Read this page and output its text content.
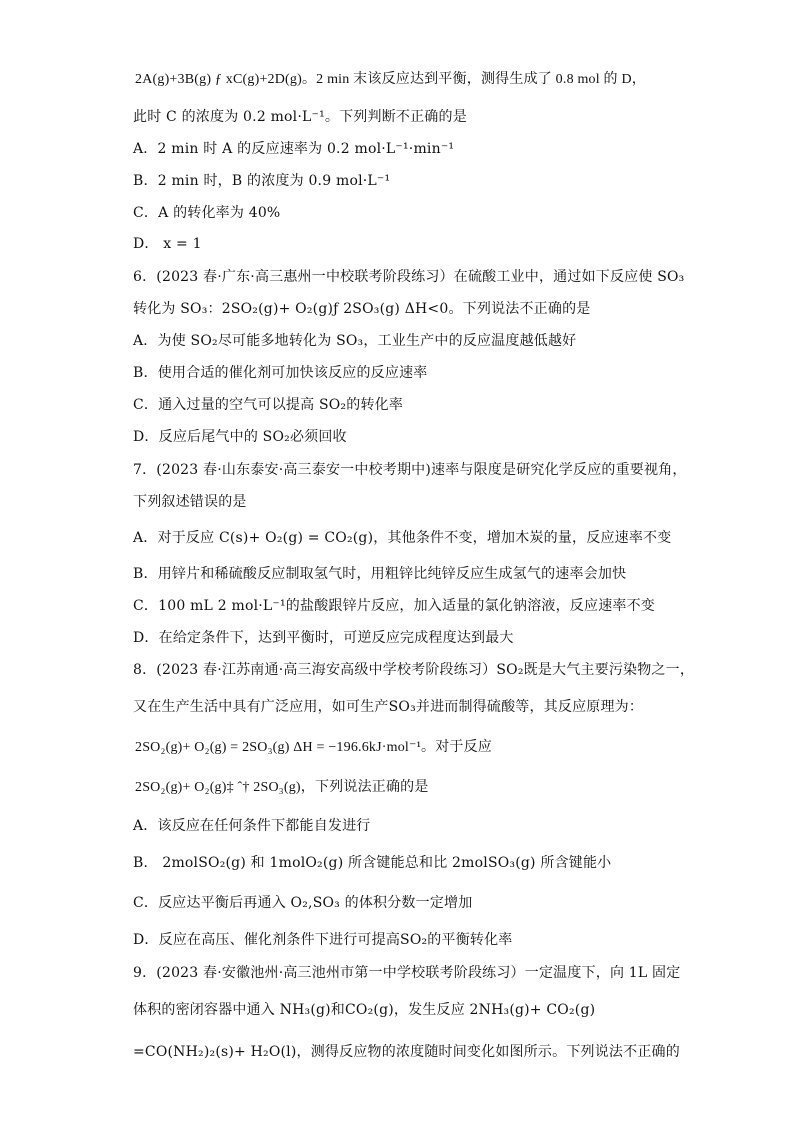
2A(g)+3B(g) ƒ xC(g)+2D(g)。2 min 末该反应达到平衡，测得生成了 0.8 mol 的 D，
此时 C 的浓度为 0.2 mol·L⁻¹。下列判断不正确的是
A．2 min 时 A 的反应速率为 0.2 mol·L⁻¹·min⁻¹
B．2 min 时，B 的浓度为 0.9 mol·L⁻¹
C．A 的转化率为 40%
D． x = 1
6．(2023 春·广东·高三惠州一中校联考阶段练习）在硫酸工业中，通过如下反应使 SO₃
转化为 SO₃：2SO₂(g)+ O₂(g)ƒ 2SO₃(g) ΔH<0。下列说法不正确的是
A．为使 SO₂尽可能多地转化为 SO₃，工业生产中的反应温度越低越好
B．使用合适的催化剂可加快该反应的反应速率
C．通入过量的空气可以提高 SO₂的转化率
D．反应后尾气中的 SO₂必须回收
7．(2023 春·山东泰安·高三泰安一中校考期中)速率与限度是研究化学反应的重要视角，
下列叙述错误的是
A．对于反应 C(s)+ O₂(g) = CO₂(g)，其他条件不变，增加木炭的量，反应速率不变
B．用锌片和稀硫酸反应制取氢气时，用粗锌比纯锌反应生成氢气的速率会加快
C．100 mL 2 mol·L⁻¹的盐酸跟锌片反应，加入适量的氯化钠溶液，反应速率不变
D．在给定条件下，达到平衡时，可逆反应完成程度达到最大
8．(2023 春·江苏南通·高三海安高级中学校考阶段练习）SO₂既是大气主要污染物之一，
又在生产生活中具有广泛应用，如可生产SO₃并进而制得硫酸等，其反应原理为：
2SO₂(g)+ O₂(g) = 2SO₃(g) ΔH = −196.6kJ·mol⁻¹。对于反应
2SO₂(g)+ O₂(g)‡ ˆ† 2SO₃(g)，下列说法正确的是
A．该反应在任何条件下都能自发进行
B． 2molSO₂(g) 和 1molO₂(g) 所含键能总和比 2molSO₃(g) 所含键能小
C．反应达平衡后再通入 O₂,SO₃ 的体积分数一定增加
D．反应在高压、催化剂条件下进行可提高SO₂的平衡转化率
9．(2023 春·安徽池州·高三池州市第一中学校联考阶段练习）一定温度下，向 1L 固定
体积的密闭容器中通入 NH₃(g)和CO₂(g)，发生反应 2NH₃(g)+ CO₂(g)
=CO(NH₂)₂(s)+ H₂O(l)，测得反应物的浓度随时间变化如图所示。下列说法不正确的
